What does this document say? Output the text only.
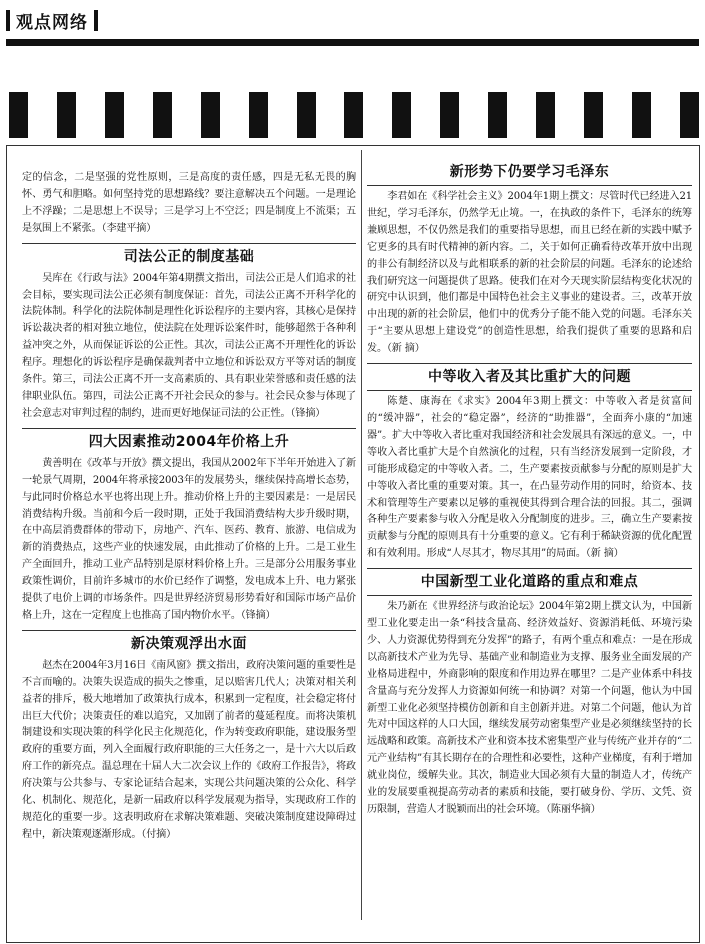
观点网络

定的信念，二是坚强的党性原则，三是高度的责任感，四是无私无畏的胸怀、勇气和胆略。如何坚持党的思想路线？要注意解决五个问题。一是理论上不浮躁；二是思想上不误导；三是学习上不空泛；四是制度上不流渠；五是氛围上不紧张。（李建平摘）

司法公正的制度基础

吴库在《行政与法》2004年第4期撰文指出，司法公正是人们追求的社会目标，要实现司法公正必须有制度保证：首先，司法公正离不开科学化的法院体制。科学化的法院体制是理性化诉讼程序的主要内容，其核心是保持诉讼裁决者的相对独立地位，使法院在处理诉讼案件时，能够超然于各种利益冲突之外，从而保证诉讼的公正性。其次，司法公正离不开理性化的诉讼程序。理想化的诉讼程序是确保裁判者中立地位和诉讼双方平等对话的制度条件。第三，司法公正离不开一支高素质的、具有职业荣誉感和责任感的法律职业队伍。第四，司法公正离不开社会民众的参与。社会民众参与体现了社会意志对审判过程的制约，进而更好地保证司法的公正性。（锋摘）

四大因素推动2004年价格上升

黄善明在《改革与开放》撰文提出，我国从2002年下半年开始进入了新一轮景气周期，2004年将承接2003年的发展势头，继续保持高增长态势，与此同时价格总水平也将出现上升。推动价格上升的主要因素是：一是居民消费结构升级。当前和今后一段时期，正处于我国消费结构大步升级时期，在中高层消费群体的带动下，房地产、汽车、医药、教育、旅游、电信成为新的消费热点，这些产业的快速发展，由此推动了价格的上升。二是工业生产全面回升，推动工业产品特别是原材料价格上升。三是部分公用服务事业政策性调价，目前许多城市的水价已经作了调整，发电成本上升、电力紧张提供了电价上调的市场条件。四是世界经济贸易形势看好和国际市场产品价格上升，这在一定程度上也推高了国内物价水平。（锋摘）

新决策观浮出水面

赵杰在2004年3月16日《南风窗》撰文指出，政府决策问题的重要性是不言而喻的。决策失误造成的损失之惨重，足以赔害几代人；决策对相关利益者的排斥，极大地增加了政策执行成本，积累到一定程度，社会稳定将付出巨大代价；决策责任的难以追究，又加剧了前者的蔓延程度。而将决策机制建设和实现决策的科学化民主化规范化，作为转变政府职能，建设服务型政府的重要方面，列入全面履行政府职能的三大任务之一，是十六大以后政府工作的新亮点。温总理在十届人大二次会议上作的《政府工作报告》，将政府决策与公共参与、专家论证结合起来，实现公共问题决策的公众化、科学化、机制化、规范化，是新一届政府以科学发展观为指导，实现政府工作的规范化的重要一步。这表明政府在求解决策难题、突破决策制度建设障碍过程中，新决策观逐渐形成。（付摘）

新形势下仍要学习毛泽东

李君如在《科学社会主义》2004年1期上撰文：尽管时代已经进入21世纪，学习毛泽东，仍然学无止境。一，在执政的条件下，毛泽东的统筹兼顾思想，不仅仍然是我们的重要指导思想，而且已经在新的实践中赋予它更多的具有时代精神的新内容。二，关于如何正确看待改革开放中出现的非公有制经济以及与此相联系的新的社会阶层的问题。毛泽东的论述给我们研究这一问题提供了思路。使我们在对今天现实阶层结构变化状况的研究中认识到，他们都是中国特色社会主义事业的建设者。三，改革开放中出现的新的社会阶层，他们中的优秀分子能不能入党的问题。毛泽东关于“主要从思想上建设党”的创造性思想，给我们提供了重要的思路和启发。（新 摘）

中等收入者及其比重扩大的问题

陈楚、康海在《求实》2004年3期上撰文：中等收入者是贫富间的“缓冲器”，社会的“稳定器”，经济的“助推器”，全面奔小康的“加速器”。扩大中等收入者比重对我国经济和社会发展具有深远的意义。一，中等收入者比重扩大是个自然演化的过程，只有当经济发展到一定阶段，才可能形成稳定的中等收入者。二，生产要素按贡献参与分配的原则是扩大中等收入者比重的重要对策。其一，在凸显劳动作用的同时，给资本、技术和管理等生产要素以足够的重视使其得到合理合法的回报。其二，强调各种生产要素参与收入分配是收入分配制度的进步。三，确立生产要素按贡献参与分配的原则具有十分重要的意义。它有利于稀缺资源的优化配置和有效利用。形成“人尽其才，物尽其用”的局面。（新 摘）

中国新型工业化道路的重点和难点

朱乃新在《世界经济与政治论坛》2004年第2期上撰文认为，中国新型工业化要走出一条“科技含量高、经济效益好、资源消耗低、环境污染少、人力资源优势得到充分发挥”的路子，有两个重点和难点：一是在形成以高新技术产业为先导、基础产业和制造业为支撑、服务业全面发展的产业格局进程中，外商影响的限度和作用边界在哪里？二是产业体系中科技含量高与充分发挥人力资源如何统一和协调？对第一个问题，他认为中国新型工业化必须坚持模仿创新和自主创新并进。对第二个问题，他认为首先对中国这样的人口大国，继续发展劳动密集型产业是必须继续坚持的长远战略和政策。高新技术产业和资本技术密集型产业与传统产业并存的“二元产业结构”有其长期存在的合理性和必要性，这种产业梯度，有利于增加就业岗位，缓解失业。其次，制造业大国必须有大量的制造人才，传统产业的发展要重视提高劳动者的素质和技能，要打破身份、学历、文凭、资历限制，营造人才脱颖而出的社会环境。（陈丽华摘）
